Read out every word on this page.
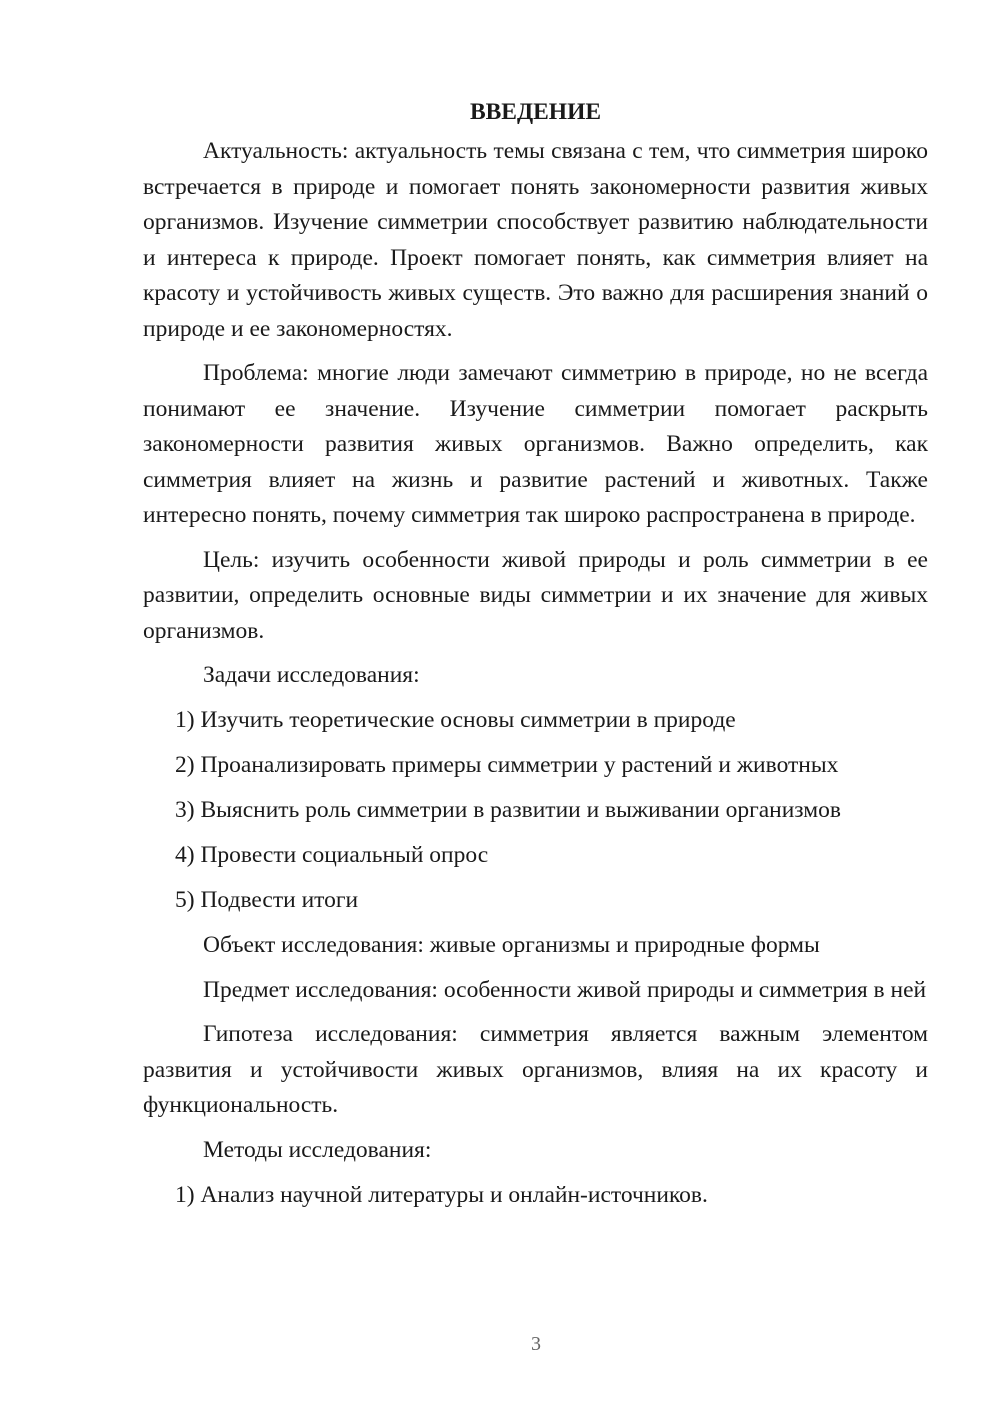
ВВЕДЕНИЕ

Актуальность: актуальность темы связана с тем, что симметрия широко встречается в природе и помогает понять закономерности развития живых организмов. Изучение симметрии способствует развитию наблюдательности и интереса к природе. Проект помогает понять, как симметрия влияет на красоту и устойчивость живых существ. Это важно для расширения знаний о природе и ее закономерностях.

Проблема: многие люди замечают симметрию в природе, но не всегда понимают ее значение. Изучение симметрии помогает раскрыть закономерности развития живых организмов. Важно определить, как симметрия влияет на жизнь и развитие растений и животных. Также интересно понять, почему симметрия так широко распространена в природе.

Цель: изучить особенности живой природы и роль симметрии в ее развитии, определить основные виды симметрии и их значение для живых организмов.

Задачи исследования:
1) Изучить теоретические основы симметрии в природе
2) Проанализировать примеры симметрии у растений и животных
3) Выяснить роль симметрии в развитии и выживании организмов
4) Провести социальный опрос
5) Подвести итоги

Объект исследования: живые организмы и природные формы

Предмет исследования: особенности живой природы и симметрия в ней

Гипотеза исследования: симметрия является важным элементом развития и устойчивости живых организмов, влияя на их красоту и функциональность.

Методы исследования:
1) Анализ научной литературы и онлайн-источников.
3
